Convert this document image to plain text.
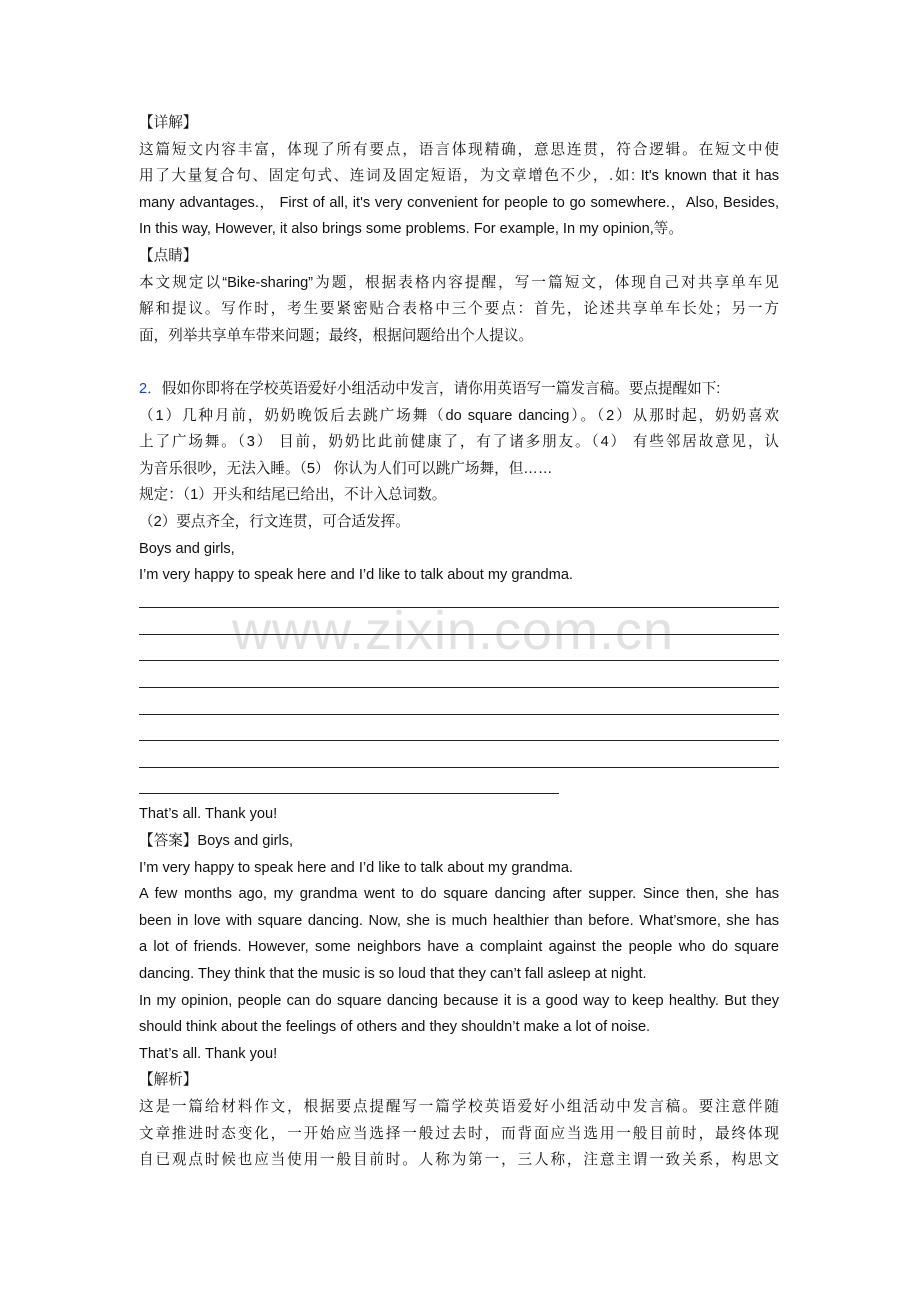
www.zixin.com.cn
【详解】
这篇短文内容丰富，体现了所有要点，语言体现精确，意思连贯，符合逻辑。在短文中使
用了大量复合句、固定句式、连词及固定短语，为文章增色不少，.如: It's known that it has
many advantages.， First of all, it's very convenient for people to go somewhere.，Also, Besides,
In this way, However, it also brings some problems. For example, In my opinion,等。
【点睛】
本文规定以“Bike-sharing”为题，根据表格内容提醒，写一篇短文，体现自己对共享单车见
解和提议。写作时，考生要紧密贴合表格中三个要点：首先，论述共享单车长处；另一方
面，列举共享单车带来问题；最终，根据问题给出个人提议。
2．假如你即将在学校英语爱好小组活动中发言，请你用英语写一篇发言稿。要点提醒如下:
（1）几种月前，奶奶晚饭后去跳广场舞（do square dancing）。（2）从那时起，奶奶喜欢
上了广场舞。（3） 目前，奶奶比此前健康了，有了诸多朋友。（4） 有些邻居故意见，认
为音乐很吵，无法入睡。（5） 你认为人们可以跳广场舞，但……
规定：（1）开头和结尾已给出，不计入总词数。
（2）要点齐全，行文连贯，可合适发挥。
Boys and girls,
I’m very happy to speak here and I’d like to talk about my grandma.
That’s all. Thank you!
【答案】Boys and girls,
I’m very happy to speak here and I’d like to talk about my grandma.
A few months ago, my grandma went to do square dancing after supper. Since then, she has
been in love with square dancing. Now, she is much healthier than before. What’smore, she has
a lot of friends. However, some neighbors have a complaint against the people who do square
dancing. They think that the music is so loud that they can’t fall asleep at night.
In my opinion, people can do square dancing because it is a good way to keep healthy. But they
should think about the feelings of others and they shouldn’t make a lot of noise.
That’s all. Thank you!
【解析】
这是一篇给材料作文，根据要点提醒写一篇学校英语爱好小组活动中发言稿。要注意伴随
文章推进时态变化，一开始应当选择一般过去时，而背面应当选用一般目前时，最终体现
自已观点时候也应当使用一般目前时。人称为第一，三人称，注意主谓一致关系，构思文
